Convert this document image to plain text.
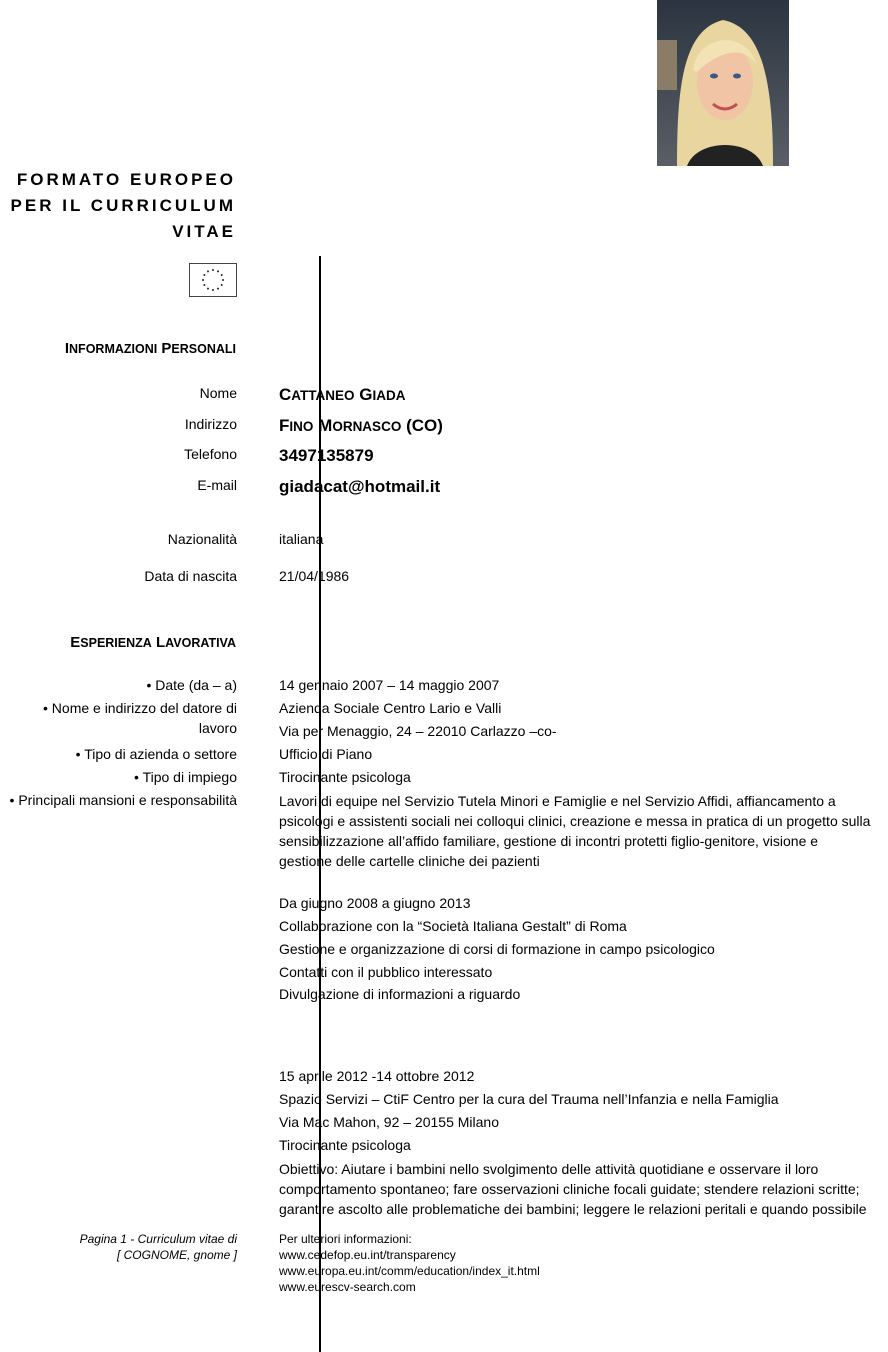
FORMATO EUROPEO
PER IL CURRICULUM
VITAE
INFORMAZIONI PERSONALI
Nome CATTANEO GIADA
Indirizzo FINO MORNASCO (CO)
Telefono 3497135879
E-mail giadacat@hotmail.it
Nazionalità	italiana
Data di nascita	21/04/1986
ESPERIENZA LAVORATIVA
• Date (da – a)
• Nome e indirizzo del datore di
lavoro
• Tipo di azienda o settore
• Tipo di impiego
• Principali mansioni e responsabilità
14 gennaio 2007 – 14 maggio 2007
Azienda Sociale Centro Lario e Valli
Via per Menaggio, 24 – 22010 Carlazzo –co-
Ufficio di Piano
Tirocinante psicologa
Lavori di equipe nel Servizio Tutela Minori e Famiglie e nel Servizio Affidi, affiancamento a psicologi e assistenti sociali nei colloqui clinici, creazione e messa in pratica di un progetto sulla sensibilizzazione all’affido familiare, gestione di incontri protetti figlio-genitore, visione e gestione delle cartelle cliniche dei pazienti
Da giugno 2008 a giugno 2013
Collaborazione con la “Società Italiana Gestalt” di Roma
Gestione e organizzazione di corsi di formazione in campo psicologico
Contatti con il pubblico interessato
Divulgazione di informazioni a riguardo
15 aprile 2012 -14 ottobre 2012
Spazio Servizi – CtiF Centro per la cura del Trauma nell’Infanzia e nella Famiglia
Via Mac Mahon, 92 – 20155 Milano
Tirocinante psicologa
Obiettivo: Aiutare i bambini nello svolgimento delle attività quotidiane e osservare il loro comportamento spontaneo; fare osservazioni cliniche focali guidate; stendere relazioni scritte; garantire ascolto alle problematiche dei bambini; leggere le relazioni peritali e quando possibile
Pagina 1 - Curriculum vitae di
[ COGNOME, gnome ]
Per ulteriori informazioni:
www.cedefop.eu.int/transparency
www.europa.eu.int/comm/education/index_it.html
www.eurescv-search.com
